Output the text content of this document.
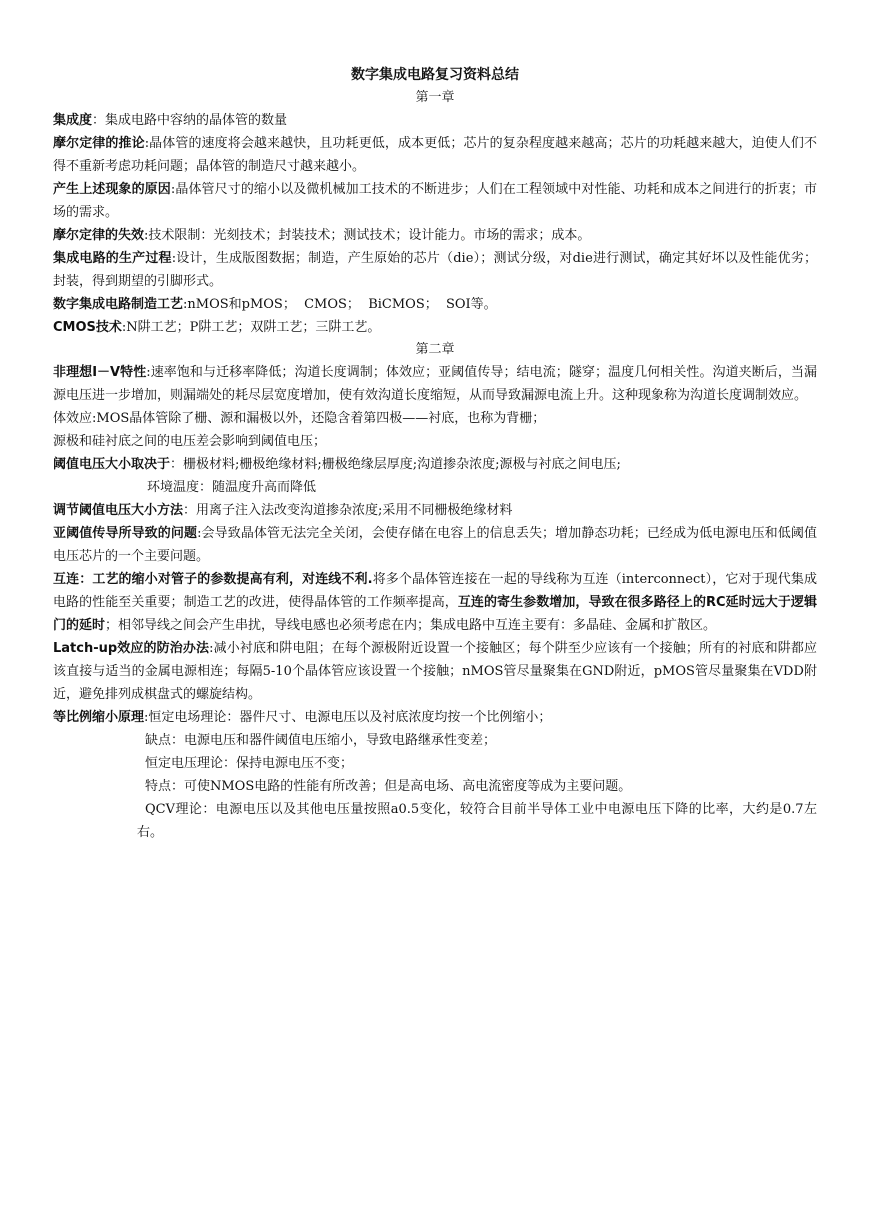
数字集成电路复习资料总结
第一章

集成度：集成电路中容纳的晶体管的数量

摩尔定律的推论:晶体管的速度将会越来越快，且功耗更低，成本更低；芯片的复杂程度越来越高；芯片的功耗越来越大，迫使人们不得不重新考虑功耗问题；晶体管的制造尺寸越来越小。

产生上述现象的原因:晶体管尺寸的缩小以及微机械加工技术的不断进步；人们在工程领域中对性能、功耗和成本之间进行的折衷；市场的需求。

摩尔定律的失效:技术限制：光刻技术；封装技术；测试技术；设计能力。市场的需求；成本。

集成电路的生产过程:设计，生成版图数据；制造，产生原始的芯片（die）；测试分级，对die进行测试，确定其好坏以及性能优劣；封装，得到期望的引脚形式。

数字集成电路制造工艺:nMOS和pMOS；  CMOS；  BiCMOS；  SOI等。

CMOS技术:N阱工艺；P阱工艺；双阱工艺；三阱工艺。

第二章

非理想I－V特性:速率饱和与迁移率降低；沟道长度调制；体效应；亚阈值传导；结电流；隧穿；温度几何相关性。沟道夹断后，当漏源电压进一步增加，则漏端处的耗尽层宽度增加，使有效沟道长度缩短，从而导致漏源电流上升。这种现象称为沟道长度调制效应。

体效应:MOS晶体管除了栅、源和漏极以外，还隐含着第四极——衬底，也称为背栅；

源极和硅衬底之间的电压差会影响到阈值电压；

阈值电压大小取决于：栅极材料;栅极绝缘材料;栅极绝缘层厚度;沟道掺杂浓度;源极与衬底之间电压;

环境温度：随温度升高而降低

调节阈值电压大小方法：用离子注入法改变沟道掺杂浓度;采用不同栅极绝缘材料

亚阈值传导所导致的问题:会导致晶体管无法完全关闭，会使存储在电容上的信息丢失；增加静态功耗；已经成为低电源电压和低阈值电压芯片的一个主要问题。

互连：工艺的缩小对管子的参数提高有利，对连线不利.将多个晶体管连接在一起的导线称为互连（interconnect），它对于现代集成电路的性能至关重要；制造工艺的改进，使得晶体管的工作频率提高，互连的寄生参数增加，导致在很多路径上的RC延时远大于逻辑门的延时；相邻导线之间会产生串扰，导线电感也必须考虑在内；集成电路中互连主要有：多晶硅、金属和扩散区。

Latch-up效应的防治办法:减小衬底和阱电阻；在每个源极附近设置一个接触区；每个阱至少应该有一个接触；所有的衬底和阱都应该直接与适当的金属电源相连；每隔5-10个晶体管应该设置一个接触；nMOS管尽量聚集在GND附近，pMOS管尽量聚集在VDD附近，避免排列成棋盘式的螺旋结构。

等比例缩小原理:恒定电场理论：器件尺寸、电源电压以及衬底浓度均按一个比例缩小；

缺点：电源电压和器件阈值电压缩小，导致电路继承性变差；

恒定电压理论：保持电源电压不变；

特点：可使NMOS电路的性能有所改善；但是高电场、高电流密度等成为主要问题。

QCV理论：电源电压以及其他电压量按照a0.5变化，较符合目前半导体工业中电源电压下降的比率，大约是0.7左右。
